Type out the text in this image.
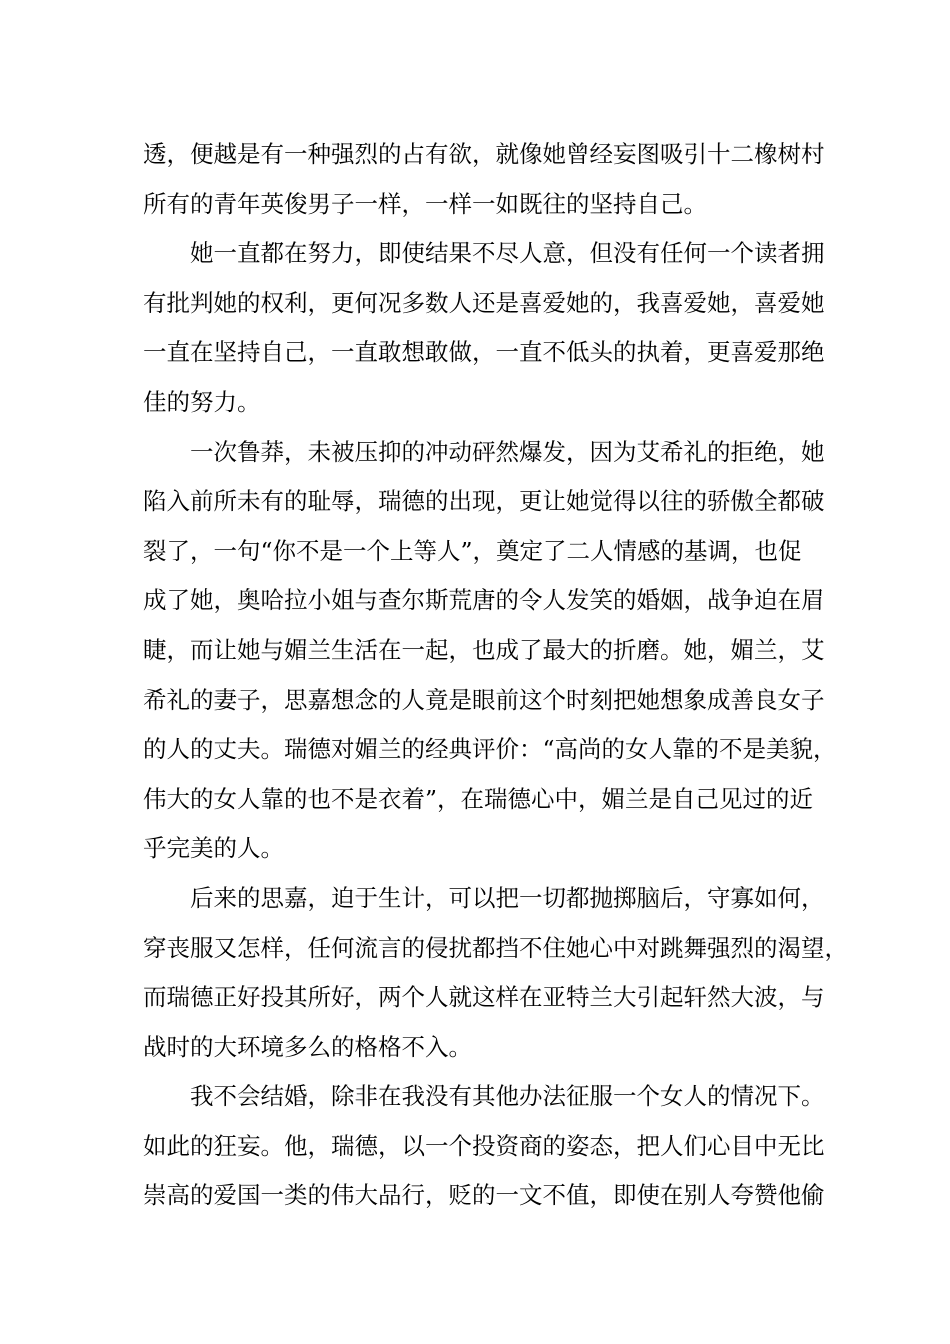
透，便越是有一种强烈的占有欲，就像她曾经妄图吸引十二橡树村
所有的青年英俊男子一样，一样一如既往的坚持自己。
她一直都在努力，即使结果不尽人意，但没有任何一个读者拥
有批判她的权利，更何况多数人还是喜爱她的，我喜爱她，喜爱她
一直在坚持自己，一直敢想敢做，一直不低头的执着，更喜爱那绝
佳的努力。
一次鲁莽，未被压抑的冲动砰然爆发，因为艾希礼的拒绝，她
陷入前所未有的耻辱，瑞德的出现，更让她觉得以往的骄傲全都破
裂了，一句“你不是一个上等人”，奠定了二人情感的基调，也促
成了她，奥哈拉小姐与查尔斯荒唐的令人发笑的婚姻，战争迫在眉
睫，而让她与媚兰生活在一起，也成了最大的折磨。她，媚兰，艾
希礼的妻子，思嘉想念的人竟是眼前这个时刻把她想象成善良女子
的人的丈夫。瑞德对媚兰的经典评价：“高尚的女人靠的不是美貌，
伟大的女人靠的也不是衣着”，在瑞德心中，媚兰是自己见过的近
乎完美的人。
后来的思嘉，迫于生计，可以把一切都抛掷脑后，守寡如何，
穿丧服又怎样，任何流言的侵扰都挡不住她心中对跳舞强烈的渴望，
而瑞德正好投其所好，两个人就这样在亚特兰大引起轩然大波，与
战时的大环境多么的格格不入。
我不会结婚，除非在我没有其他办法征服一个女人的情况下。
如此的狂妄。他，瑞德，以一个投资商的姿态，把人们心目中无比
崇高的爱国一类的伟大品行，贬的一文不值，即使在别人夸赞他偷
